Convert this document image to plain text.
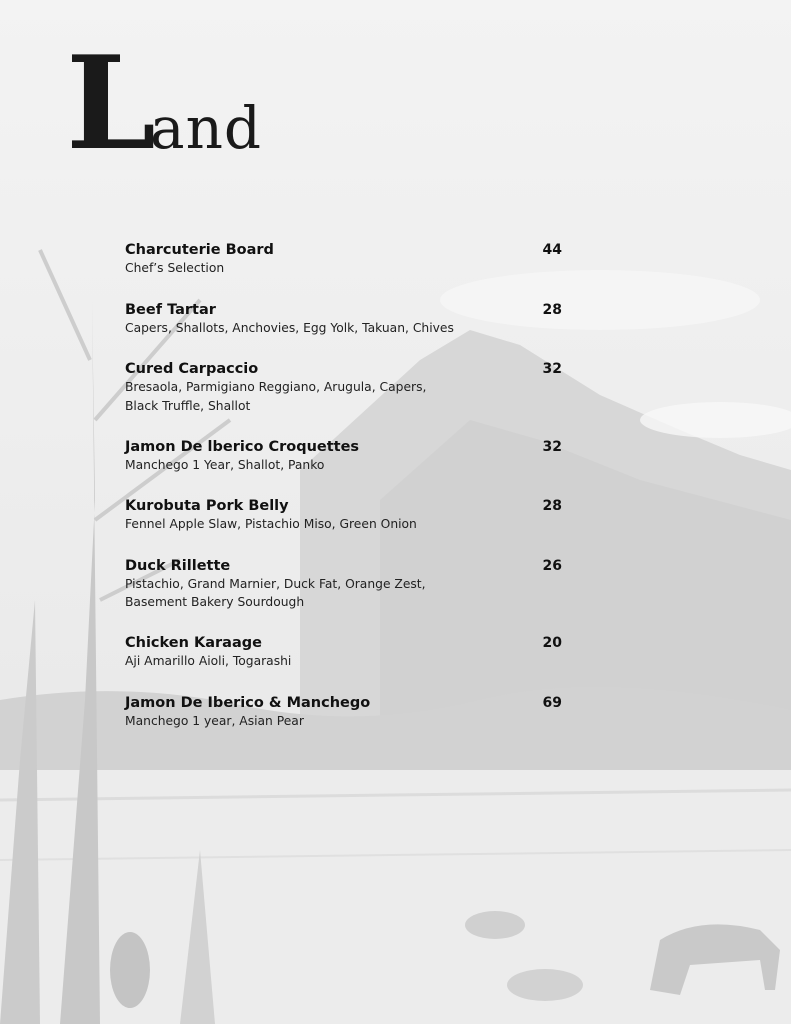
Land
Charcuterie Board	44
Chef’s Selection
Beef Tartar	28
Capers, Shallots, Anchovies, Egg Yolk, Takuan, Chives
Cured Carpaccio	32
Bresaola, Parmigiano Reggiano, Arugula, Capers,
Black Truffle, Shallot
Jamon De lberico Croquettes	32
Manchego 1 Year, Shallot, Panko
Kurobuta Pork Belly	28
Fennel Apple Slaw, Pistachio Miso, Green Onion
Duck Rillette	26
Pistachio, Grand Marnier, Duck Fat, Orange Zest,
Basement Bakery Sourdough
Chicken Karaage	20
Aji Amarillo Aioli, Togarashi
Jamon De Iberico & Manchego	69
Manchego 1 year, Asian Pear
